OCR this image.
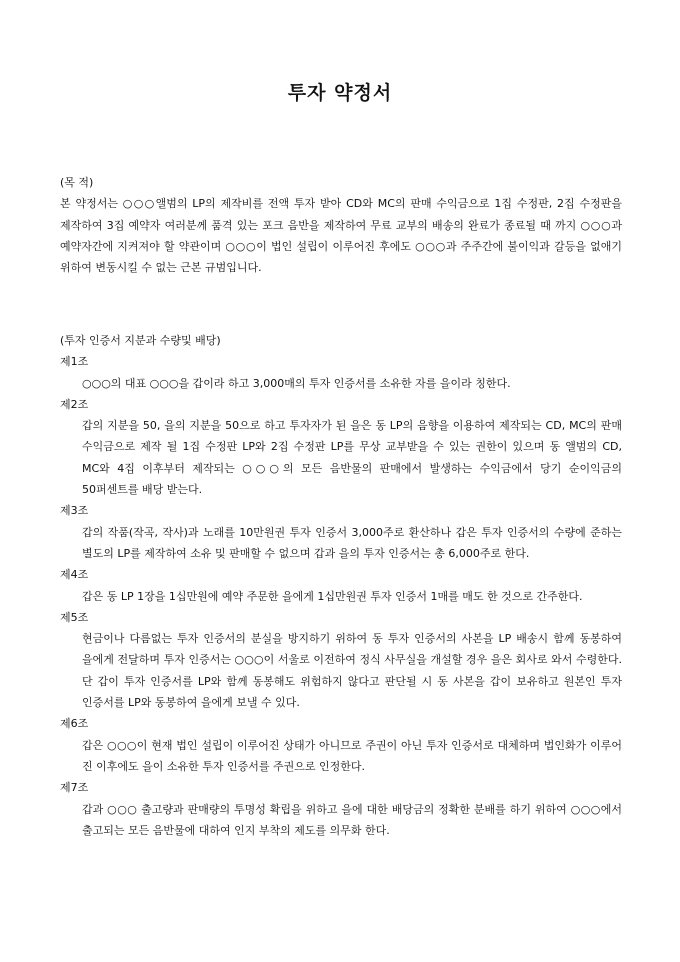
투자 약정서
(목 적)

본 약정서는 ○○○앨범의 LP의 제작비를 전액 투자 받아 CD와 MC의 판매 수익금으로 1집 수정판, 2집 수정판을 제작하여 3집 예약자 여러분께 품격 있는 포크 음반을 제작하여 무료 교부의 배송의 완료가 종료될 때 까지 ○○○과 예약자간에 지켜져야 할 약관이며 ○○○이 법인 설립이 이루어진 후에도 ○○○과 주주간에 불이익과 갈등을 없애기 위하여 변동시킬 수 없는 근본 규범입니다.

(투자 인증서 지분과 수량및 배당)
제1조
○○○의 대표 ○○○을 갑이라 하고 3,000매의 투자 인증서를 소유한 자를 을이라 칭한다.
제2조
갑의 지분을 50, 을의 지분을 50으로 하고 투자자가 된 을은 동 LP의 음향을 이용하여 제작되는 CD, MC의 판매 수익금으로 제작 될 1집 수정판 LP와 2집 수정판 LP를 무상 교부받을 수 있는 권한이 있으며 동 앨범의 CD, MC와 4집 이후부터 제작되는 ○○○의 모든 음반물의 판매에서 발생하는 수익금에서 당기 순이익금의 50퍼센트를 배당 받는다.
제3조
갑의 작품(작곡, 작사)과 노래를 10만원권 투자 인증서 3,000주로 환산하나 갑은 투자 인증서의 수량에 준하는 별도의 LP를 제작하여 소유 및 판매할 수 없으며 갑과 을의 투자 인증서는 총 6,000주로 한다.
제4조
갑은 동 LP 1장을 1십만원에 예약 주문한 을에게 1십만원권 투자 인증서 1매를 매도 한 것으로 간주한다.
제5조
현금이나 다름없는 투자 인증서의 분실을 방지하기 위하여 동 투자 인증서의 사본을 LP 배송시 함께 동봉하여 을에게 전달하며 투자 인증서는 ○○○이 서울로 이전하여 정식 사무실을 개설할 경우 을은 회사로 와서 수령한다. 단 갑이 투자 인증서를 LP와 함께 동봉해도 위험하지 않다고 판단될 시 동 사본을 갑이 보유하고 원본인 투자 인증서를 LP와 동봉하여 을에게 보낼 수 있다.
제6조
갑은 ○○○이 현재 법인 설립이 이루어진 상태가 아니므로 주권이 아닌 투자 인증서로 대체하며 법인화가 이루어 진 이후에도 을이 소유한 투자 인증서를 주권으로 인정한다.
제7조
갑과 ○○○ 출고량과 판매량의 투명성 확립을 위하고 을에 대한 배당금의 정확한 분배를 하기 위하여 ○○○에서 출고되는 모든 음반물에 대하여 인지 부착의 제도를 의무화 한다.
